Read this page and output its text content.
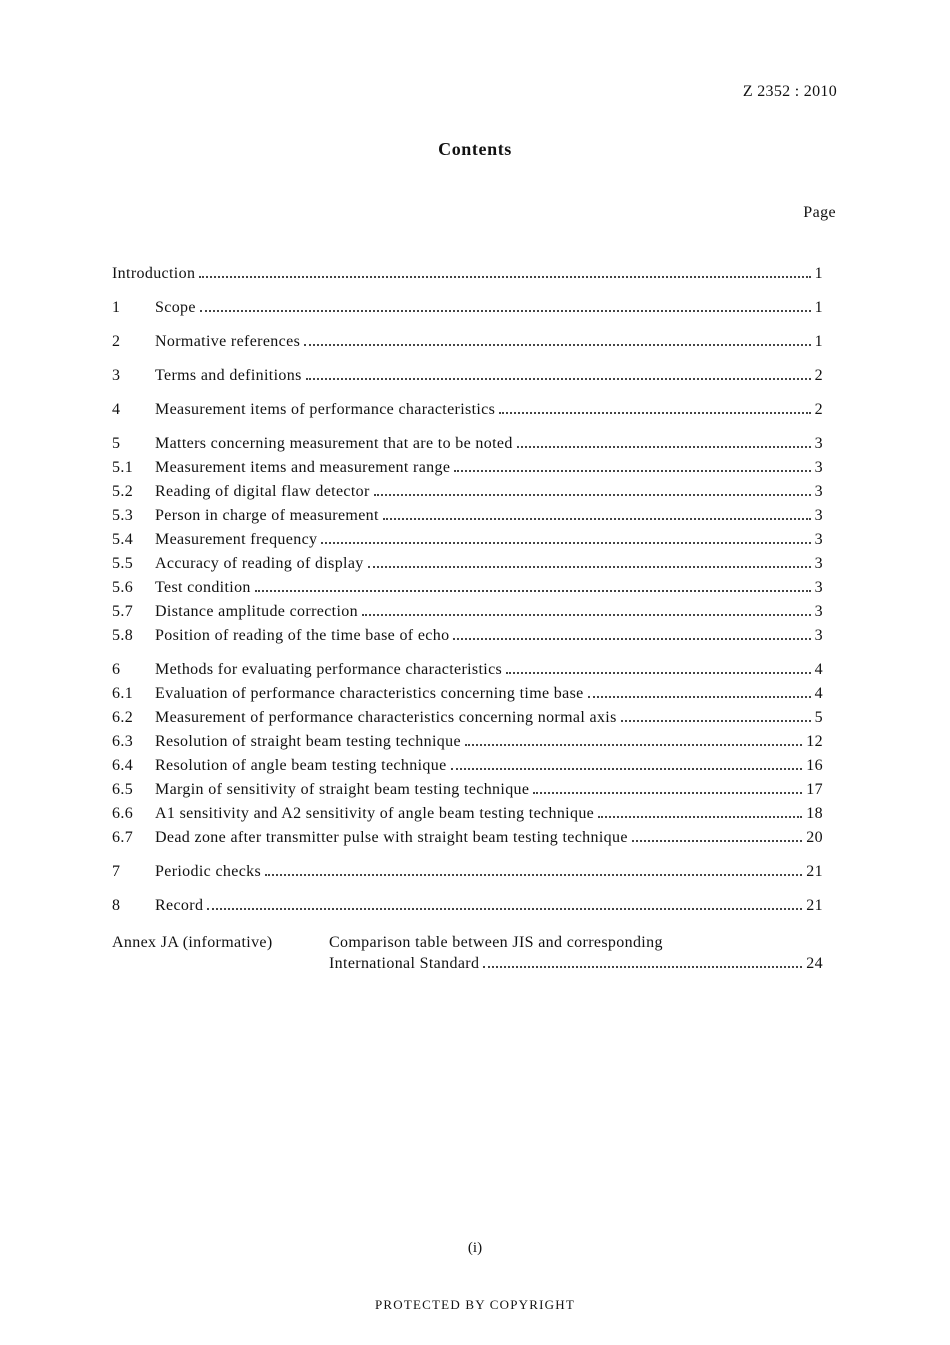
Z 2352 : 2010
Contents
Page
Introduction	1
1	Scope	1
2	Normative references	1
3	Terms and definitions	2
4	Measurement items of performance characteristics	2
5	Matters concerning measurement that are to be noted	3
5.1	Measurement items and measurement range	3
5.2	Reading of digital flaw detector	3
5.3	Person in charge of measurement	3
5.4	Measurement frequency	3
5.5	Accuracy of reading of display	3
5.6	Test condition	3
5.7	Distance amplitude correction	3
5.8	Position of reading of the time base of echo	3
6	Methods for evaluating performance characteristics	4
6.1	Evaluation of performance characteristics concerning time base	4
6.2	Measurement of performance characteristics concerning normal axis	5
6.3	Resolution of straight beam testing technique	12
6.4	Resolution of angle beam testing technique	16
6.5	Margin of sensitivity of straight beam testing technique	17
6.6	A1 sensitivity and A2 sensitivity of angle beam testing technique	18
6.7	Dead zone after transmitter pulse with straight beam testing technique	20
7	Periodic checks	21
8	Record	21
Annex JA (informative)	Comparison table between JIS and corresponding
International Standard	24
(i)
PROTECTED BY COPYRIGHT
